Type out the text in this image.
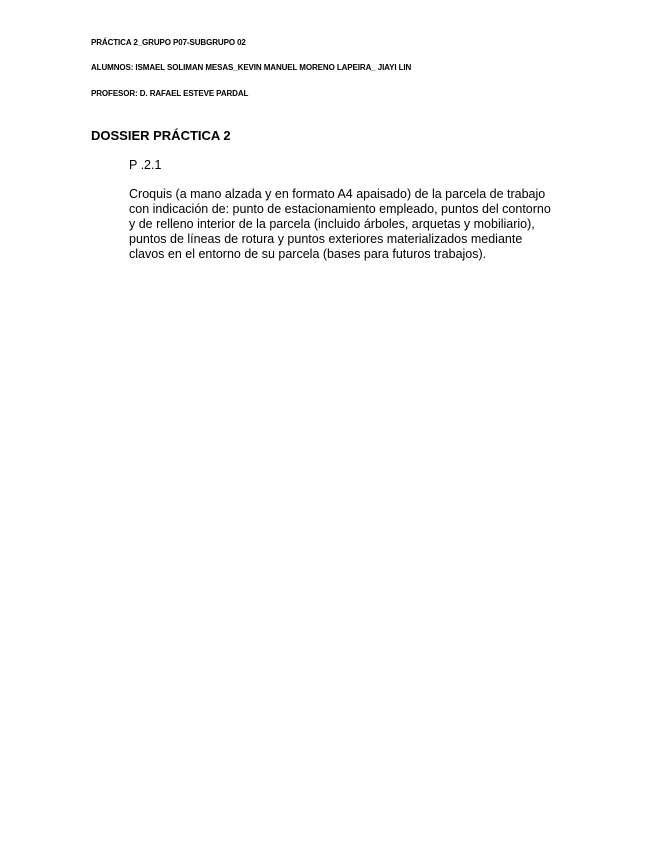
PRÁCTICA 2_GRUPO P07-SUBGRUPO 02
ALUMNOS: ISMAEL SOLIMAN MESAS_KEVIN MANUEL MORENO LAPEIRA_ JIAYI LIN
PROFESOR: D. RAFAEL ESTEVE PARDAL
DOSSIER PRÁCTICA 2
P .2.1
Croquis (a mano alzada y en formato A4 apaisado) de la parcela de trabajo
con indicación de: punto de estacionamiento empleado, puntos del contorno
y de relleno interior de la parcela (incluido árboles, arquetas y mobiliario),
puntos de líneas de rotura y puntos exteriores materializados mediante
clavos en el entorno de su parcela (bases para futuros trabajos).
